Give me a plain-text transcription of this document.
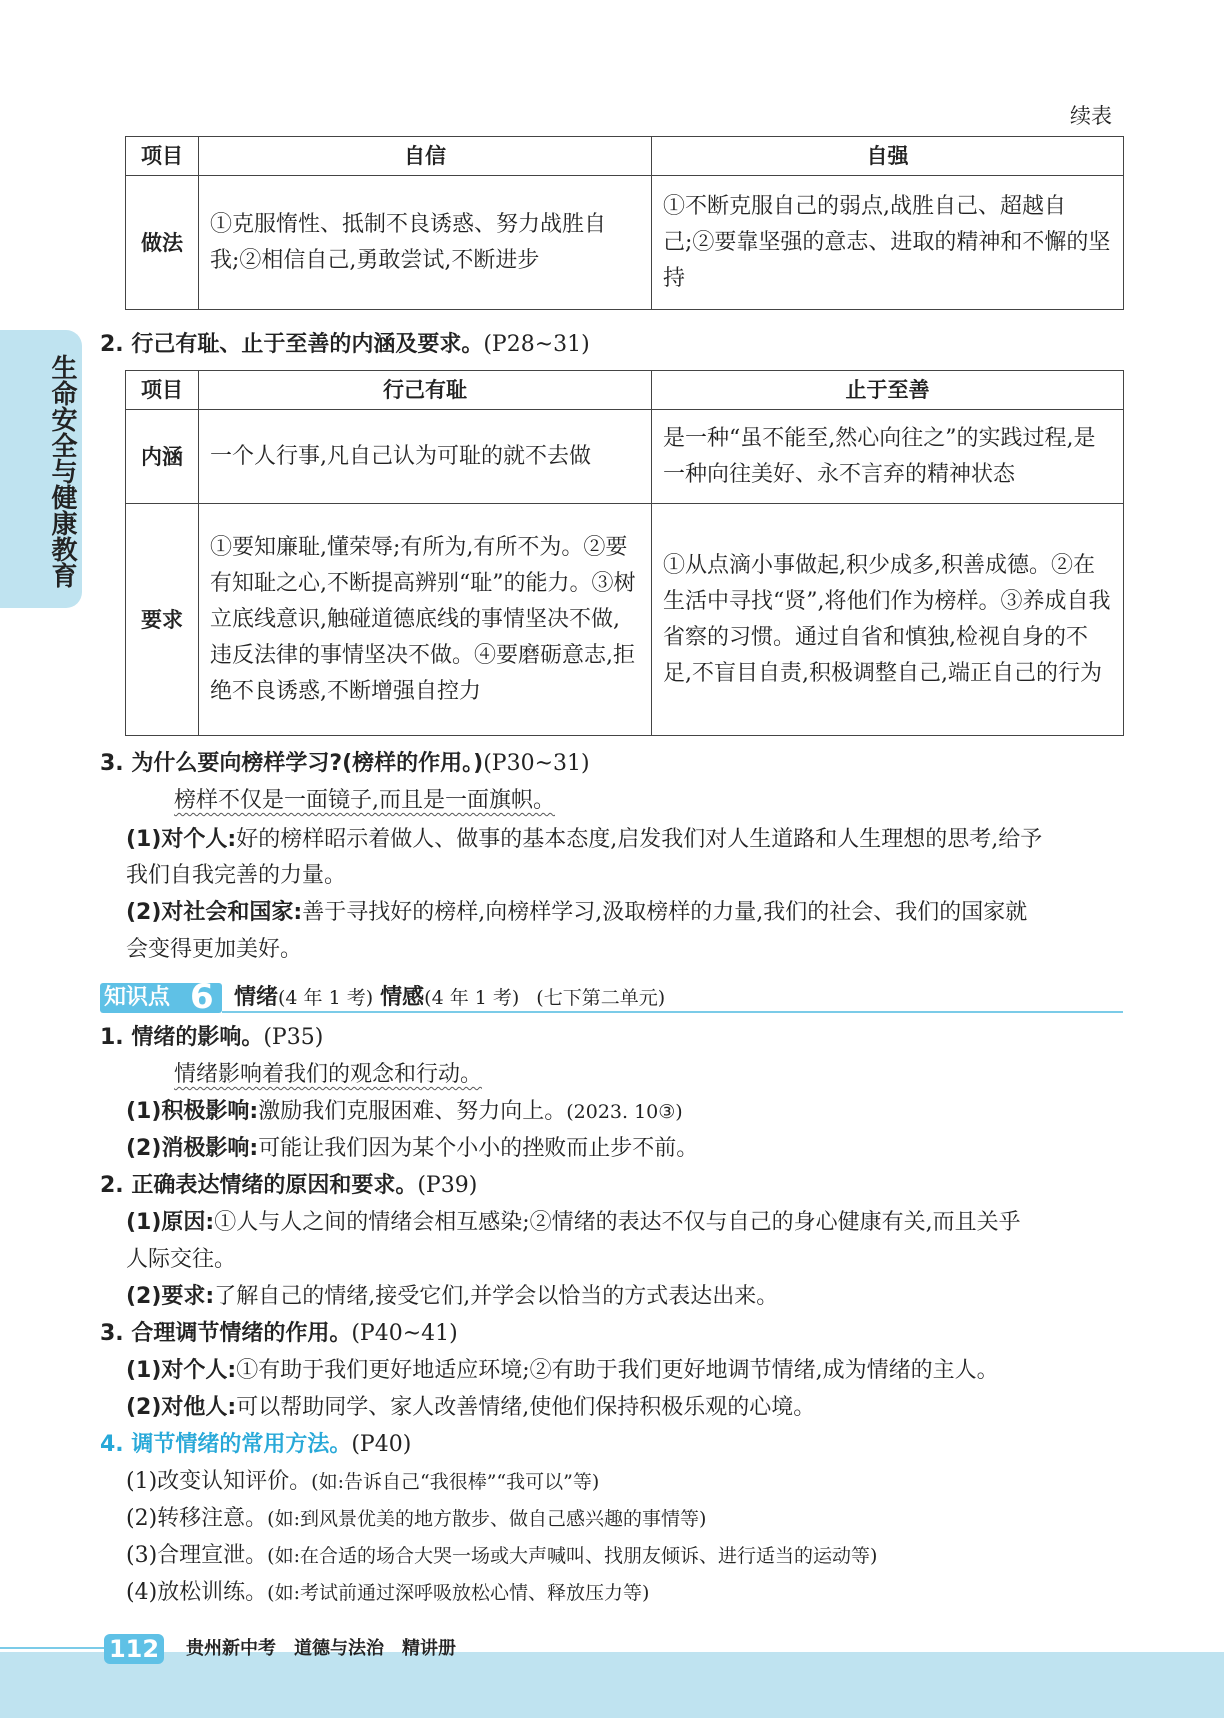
续表
项目	自信	自强
做法	①克服惰性、抵制不良诱惑、努力战胜自我;②相信自己,勇敢尝试,不断进步	①不断克服自己的弱点,战胜自己、超越自己;②要靠坚强的意志、进取的精神和不懈的坚持
2. 行己有耻、止于至善的内涵及要求。(P28~31)
项目	行己有耻	止于至善
内涵	一个人行事,凡自己认为可耻的就不去做	是一种“虽不能至,然心向往之”的实践过程,是一种向往美好、永不言弃的精神状态
要求	①要知廉耻,懂荣辱;有所为,有所不为。②要有知耻之心,不断提高辨别“耻”的能力。③树立底线意识,触碰道德底线的事情坚决不做,违反法律的事情坚决不做。④要磨砺意志,拒绝不良诱惑,不断增强自控力	①从点滴小事做起,积少成多,积善成德。②在生活中寻找“贤”,将他们作为榜样。③养成自我省察的习惯。通过自省和慎独,检视自身的不足,不盲目自责,积极调整自己,端正自己的行为
3. 为什么要向榜样学习?(榜样的作用。)(P30~31)
榜样不仅是一面镜子,而且是一面旗帜。
(1)对个人:好的榜样昭示着做人、做事的基本态度,启发我们对人生道路和人生理想的思考,给予
我们自我完善的力量。
(2)对社会和国家:善于寻找好的榜样,向榜样学习,汲取榜样的力量,我们的社会、我们的国家就
会变得更加美好。
知识点 6 情绪(4 年 1 考) 情感(4 年 1 考) (七下第二单元)
1. 情绪的影响。(P35)
情绪影响着我们的观念和行动。
(1)积极影响:激励我们克服困难、努力向上。(2023. 10③)
(2)消极影响:可能让我们因为某个小小的挫败而止步不前。
2. 正确表达情绪的原因和要求。(P39)
(1)原因:①人与人之间的情绪会相互感染;②情绪的表达不仅与自己的身心健康有关,而且关乎
人际交往。
(2)要求:了解自己的情绪,接受它们,并学会以恰当的方式表达出来。
3. 合理调节情绪的作用。(P40~41)
(1)对个人:①有助于我们更好地适应环境;②有助于我们更好地调节情绪,成为情绪的主人。
(2)对他人:可以帮助同学、家人改善情绪,使他们保持积极乐观的心境。
4. 调节情绪的常用方法。(P40)
(1)改变认知评价。(如:告诉自己“我很棒”“我可以”等)
(2)转移注意。(如:到风景优美的地方散步、做自己感兴趣的事情等)
(3)合理宣泄。(如:在合适的场合大哭一场或大声喊叫、找朋友倾诉、进行适当的运动等)
(4)放松训练。(如:考试前通过深呼吸放松心情、释放压力等)
生命安全与健康教育
112 贵州新中考 道德与法治 精讲册
